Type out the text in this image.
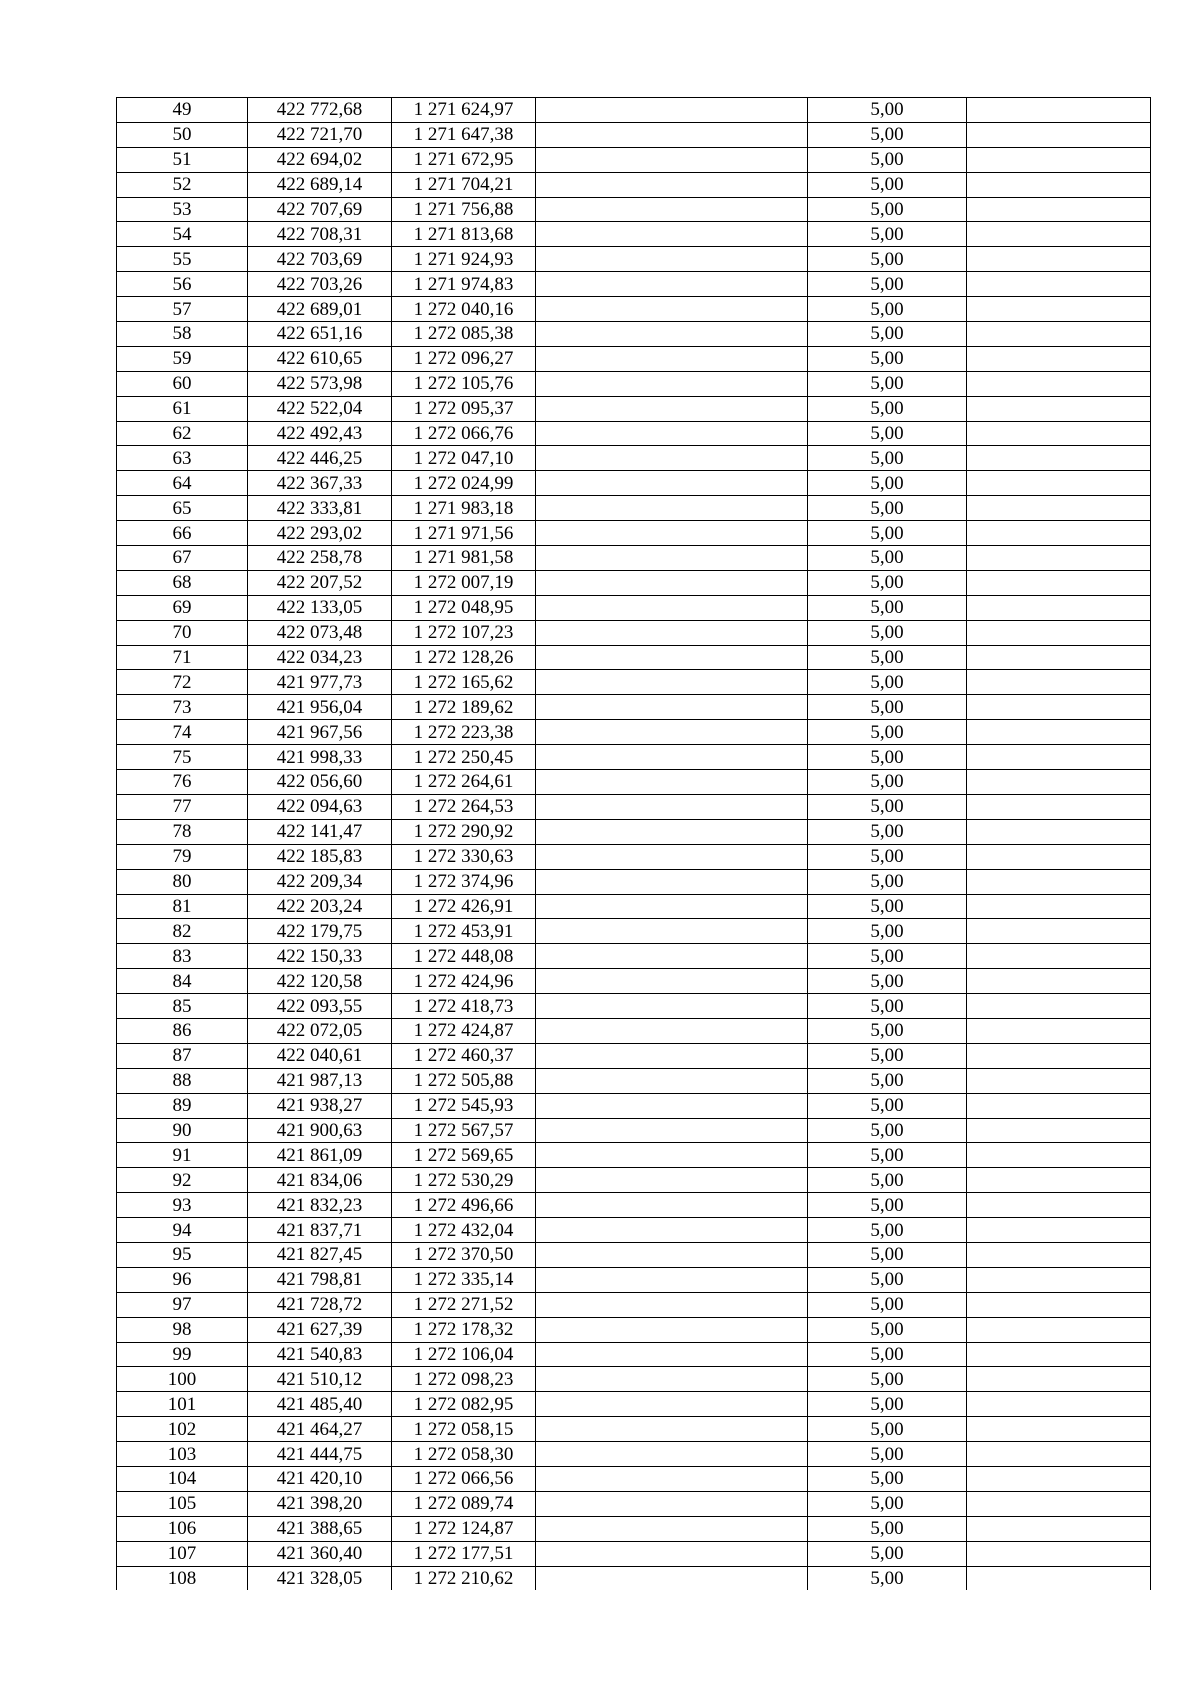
49	422 772,68	1 271 624,97		5,00	
50	422 721,70	1 271 647,38		5,00	
51	422 694,02	1 271 672,95		5,00	
52	422 689,14	1 271 704,21		5,00	
53	422 707,69	1 271 756,88		5,00	
54	422 708,31	1 271 813,68		5,00	
55	422 703,69	1 271 924,93		5,00	
56	422 703,26	1 271 974,83		5,00	
57	422 689,01	1 272 040,16		5,00	
58	422 651,16	1 272 085,38		5,00	
59	422 610,65	1 272 096,27		5,00	
60	422 573,98	1 272 105,76		5,00	
61	422 522,04	1 272 095,37		5,00	
62	422 492,43	1 272 066,76		5,00	
63	422 446,25	1 272 047,10		5,00	
64	422 367,33	1 272 024,99		5,00	
65	422 333,81	1 271 983,18		5,00	
66	422 293,02	1 271 971,56		5,00	
67	422 258,78	1 271 981,58		5,00	
68	422 207,52	1 272 007,19		5,00	
69	422 133,05	1 272 048,95		5,00	
70	422 073,48	1 272 107,23		5,00	
71	422 034,23	1 272 128,26		5,00	
72	421 977,73	1 272 165,62		5,00	
73	421 956,04	1 272 189,62		5,00	
74	421 967,56	1 272 223,38		5,00	
75	421 998,33	1 272 250,45		5,00	
76	422 056,60	1 272 264,61		5,00	
77	422 094,63	1 272 264,53		5,00	
78	422 141,47	1 272 290,92		5,00	
79	422 185,83	1 272 330,63		5,00	
80	422 209,34	1 272 374,96		5,00	
81	422 203,24	1 272 426,91		5,00	
82	422 179,75	1 272 453,91		5,00	
83	422 150,33	1 272 448,08		5,00	
84	422 120,58	1 272 424,96		5,00	
85	422 093,55	1 272 418,73		5,00	
86	422 072,05	1 272 424,87		5,00	
87	422 040,61	1 272 460,37		5,00	
88	421 987,13	1 272 505,88		5,00	
89	421 938,27	1 272 545,93		5,00	
90	421 900,63	1 272 567,57		5,00	
91	421 861,09	1 272 569,65		5,00	
92	421 834,06	1 272 530,29		5,00	
93	421 832,23	1 272 496,66		5,00	
94	421 837,71	1 272 432,04		5,00	
95	421 827,45	1 272 370,50		5,00	
96	421 798,81	1 272 335,14		5,00	
97	421 728,72	1 272 271,52		5,00	
98	421 627,39	1 272 178,32		5,00	
99	421 540,83	1 272 106,04		5,00	
100	421 510,12	1 272 098,23		5,00	
101	421 485,40	1 272 082,95		5,00	
102	421 464,27	1 272 058,15		5,00	
103	421 444,75	1 272 058,30		5,00	
104	421 420,10	1 272 066,56		5,00	
105	421 398,20	1 272 089,74		5,00	
106	421 388,65	1 272 124,87		5,00	
107	421 360,40	1 272 177,51		5,00	
108	421 328,05	1 272 210,62		5,00	
